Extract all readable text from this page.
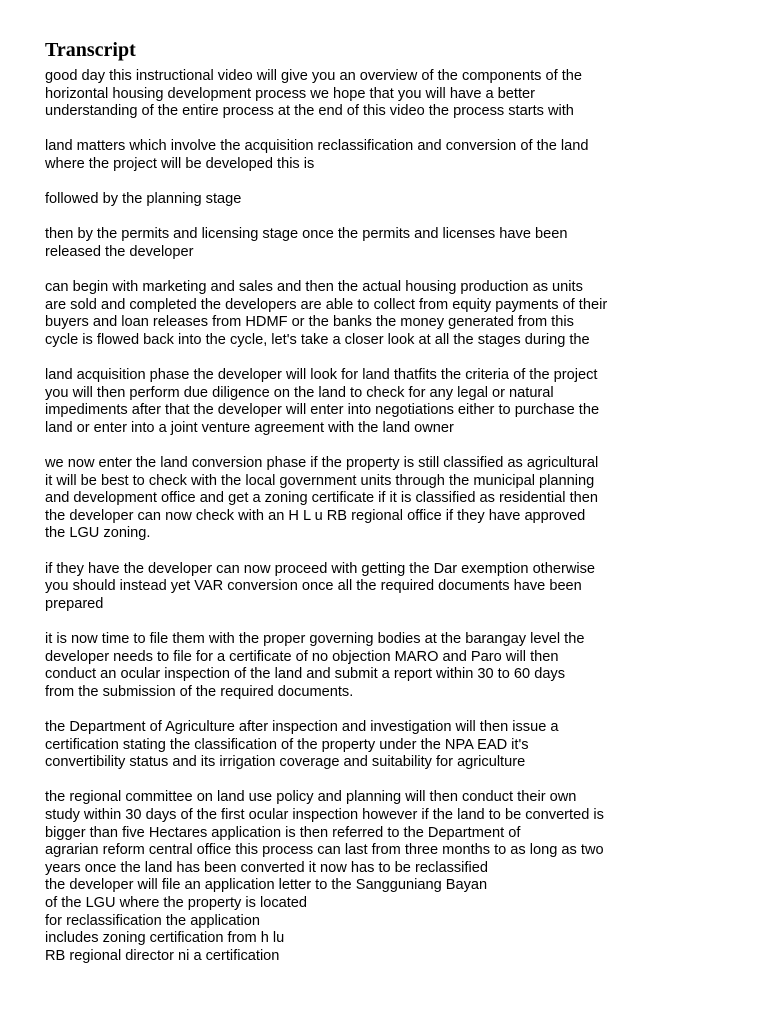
Transcript
good day this instructional video will give you an overview of the components of the
horizontal housing development process we hope that you will have a better
understanding of the entire process at the end of this video the process starts with
land matters which involve the acquisition reclassification and conversion of the land
where the project will be developed this is
followed by the planning stage
then by the permits and licensing stage once the permits and licenses have been
released the developer
can begin with marketing and sales and then the actual housing production as units
are sold and completed the developers are able to collect from equity payments of their
buyers and loan releases from HDMF or the banks the money generated from this
cycle is flowed back into the cycle, let's take a closer look at all the stages during the
land acquisition phase the developer will look for land thatfits the criteria of the project
you will then perform due diligence on the land to check for any legal or natural
impediments after that the developer will enter into negotiations either to purchase the
land or enter into a joint venture agreement with the land owner
we now enter the land conversion phase if the property is still classified as agricultural
it will be best to check with the local government units through the municipal planning
and development office and get a zoning certificate if it is classified as residential then
the developer can now check with an H L u RB regional office if they have approved
the LGU zoning.
if they have the developer can now proceed with getting the Dar exemption otherwise
you should instead yet VAR conversion once all the required documents have been
prepared
it is now time to file them with the proper governing bodies at the barangay level the
developer needs to file for a certificate of no objection MARO and Paro will then
conduct an ocular inspection of the land and submit a report within 30 to 60 days
from the submission of the required documents.
the Department of Agriculture after inspection and investigation will then issue a
certification stating the classification of the property under the NPA EAD it's
convertibility status and its irrigation coverage and suitability for agriculture
the regional committee on land use policy and planning will then conduct their own
study within 30 days of the first ocular inspection however if the land to be converted is
bigger than five Hectares application is then referred to the Department of
agrarian reform central office this process can last from three months to as long as two
years once the land has been converted it now has to be reclassified
the developer will file an application letter to the Sangguniang Bayan
of the LGU where the property is located
for reclassification the application
includes zoning certification from h lu
RB regional director ni a certification
